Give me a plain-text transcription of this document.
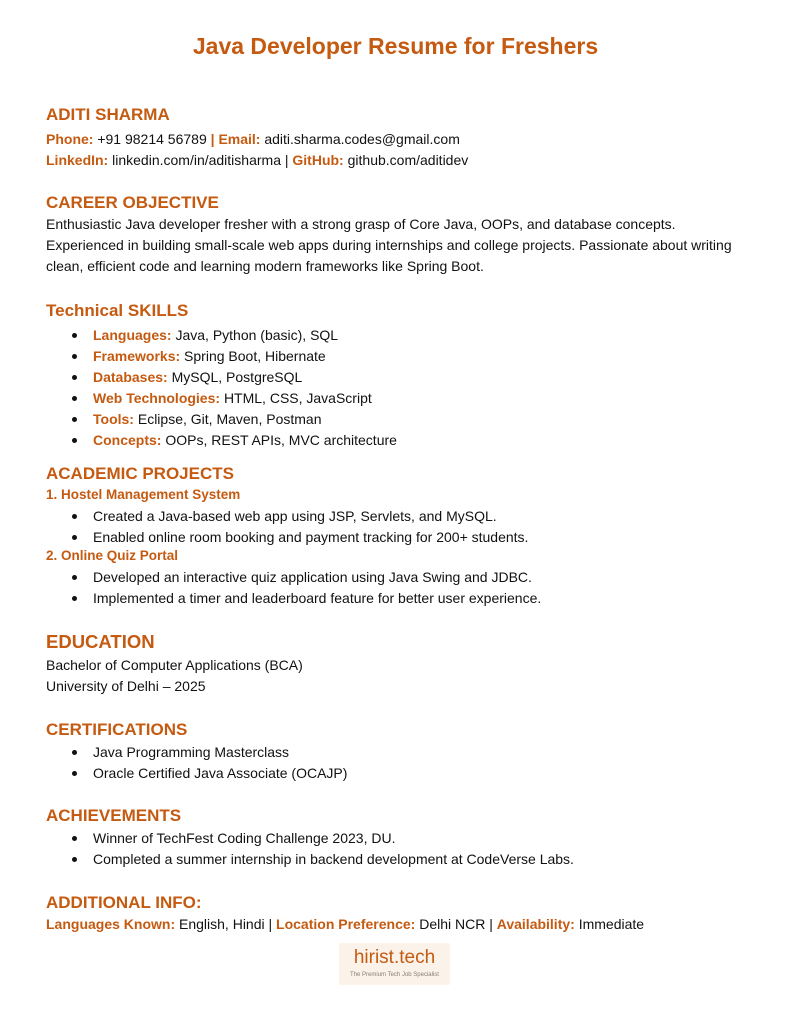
Java Developer Resume for Freshers
ADITI SHARMA

Phone: +91 98214 56789 | Email: aditi.sharma.codes@gmail.com

LinkedIn: linkedin.com/in/aditisharma | GitHub: github.com/aditidev

CAREER OBJECTIVE

Enthusiastic Java developer fresher with a strong grasp of Core Java, OOPs, and database concepts. Experienced in building small-scale web apps during internships and college projects. Passionate about writing clean, efficient code and learning modern frameworks like Spring Boot.

Technical SKILLS
Languages: Java, Python (basic), SQL
Frameworks: Spring Boot, Hibernate
Databases: MySQL, PostgreSQL
Web Technologies: HTML, CSS, JavaScript
Tools: Eclipse, Git, Maven, Postman
Concepts: OOPs, REST APIs, MVC architecture
ACADEMIC PROJECTS
1. Hostel Management System
Created a Java-based web app using JSP, Servlets, and MySQL.
Enabled online room booking and payment tracking for 200+ students.
2. Online Quiz Portal
Developed an interactive quiz application using Java Swing and JDBC.
Implemented a timer and leaderboard feature for better user experience.
EDUCATION

Bachelor of Computer Applications (BCA)

University of Delhi – 2025

CERTIFICATIONS
Java Programming Masterclass
Oracle Certified Java Associate (OCAJP)
ACHIEVEMENTS
Winner of TechFest Coding Challenge 2023, DU.
Completed a summer internship in backend development at CodeVerse Labs.
ADDITIONAL INFO:

Languages Known: English, Hindi | Location Preference: Delhi NCR | Availability: Immediate

hirist.tech
The Premium Tech Job Specialist
